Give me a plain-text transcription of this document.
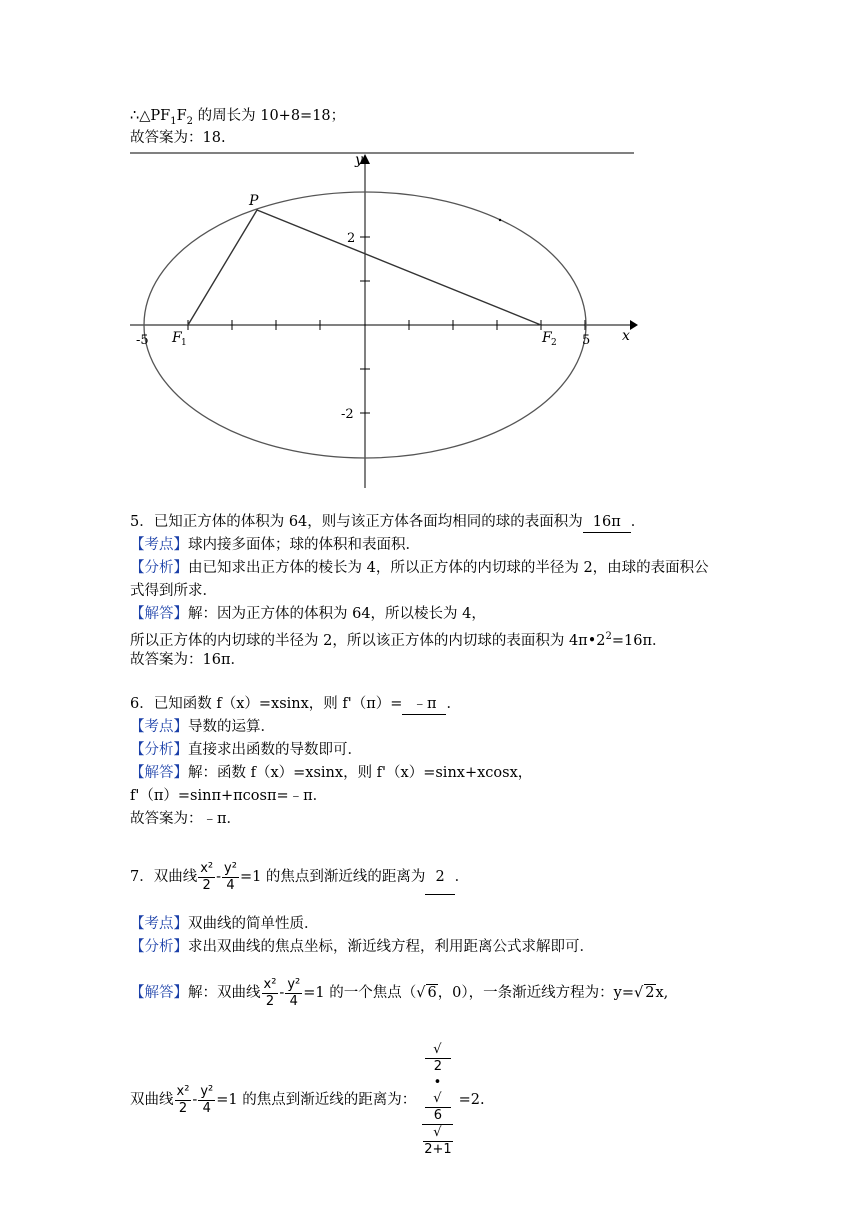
$\therefore\triangle PF_1F_2$ 的周长为 10+8=18；
故答案为：18.
y
x
-5	5
2
-2
P
F 1	F 2
5．已知正方体的体积为 64，则与该正方体各面均相同的球的表面积为 16π ．
【考点】球内接多面体；球的体积和表面积．
【分析】由已知求出正方体的棱长为 4，所以正方体的内切球的半径为 2，由球的表面积公
式得到所求．
【解答】解：因为正方体的体积为 64，所以棱长为 4，
所以正方体的内切球的半径为 2，所以该正方体的内切球的表面积为 $4\pi•2^2=16\pi$．
故答案为：16π．
6．已知函数 f（x）=xsinx，则 f'（π）= ﹣π ．
【考点】导数的运算．
【分析】直接求出函数的导数即可．
【解答】解：函数 f（x）=xsinx，则 f'（x）=sinx+xcosx，
f'（π）=sinπ+πcosπ=﹣π．
故答案为：﹣π．
7．双曲线 $\frac{\text{x²}}{2} - \frac{\text{y²}}{4} =1$ 的焦点到渐近线的距离为 2 ．
【考点】双曲线的简单性质．
【分析】求出双曲线的焦点坐标，渐近线方程，利用距离公式求解即可．
【解答】解：双曲线 $\frac{\text{x²}}{2} - \frac{\text{y²}}{4} =1$ 的一个焦点（√ 6，0），一条渐近线方程为：y=√ 2x,
双曲线 $\frac{\text{x²}}{2} - \frac{\text{y²}}{4} =1$ 的焦点到渐近线的距离为： √
2
•
√
6
√
2+1 =2.
